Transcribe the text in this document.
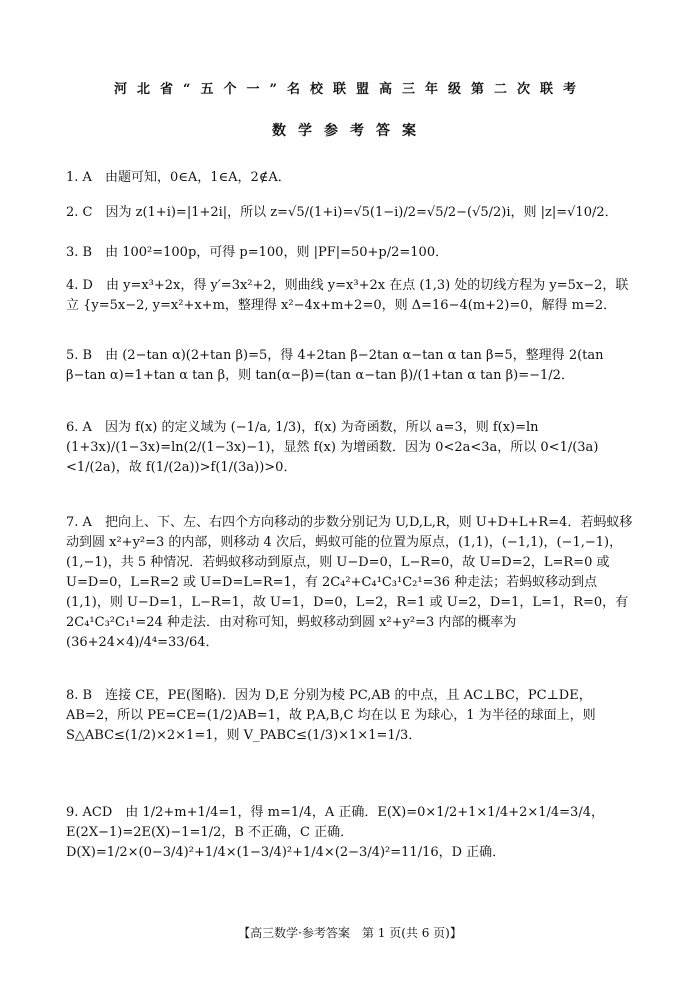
河北省“五个一”名校联盟高三年级第二次联考
数学参考答案
1. A　由题可知，0∈A，1∈A，2∉A．
2. C　因为 z(1+i)=|1+2i|，所以 z=√5/(1+i)=√5(1−i)/2=√5/2−(√5/2)i，则 |z|=√10/2．
3. B　由 100²=100p，可得 p=100，则 |PF|=50+p/2=100．
4. D　由 y=x³+2x，得 y′=3x²+2，则曲线 y=x³+2x 在点 (1,3) 处的切线方程为 y=5x−2，联立 {y=5x−2, y=x²+x+m，整理得 x²−4x+m+2=0，则 Δ=16−4(m+2)=0，解得 m=2．
5. B　由 (2−tan α)(2+tan β)=5，得 4+2tan β−2tan α−tan α tan β=5，整理得 2(tan β−tan α)=1+tan α tan β，则 tan(α−β)=(tan α−tan β)/(1+tan α tan β)=−1/2．
6. A　因为 f(x) 的定义域为 (−1/a, 1/3)，f(x) 为奇函数，所以 a=3，则 f(x)=ln (1+3x)/(1−3x)=ln(2/(1−3x)−1)，显然 f(x) 为增函数．因为 0<2a<3a，所以 0<1/(3a)<1/(2a)，故 f(1/(2a))>f(1/(3a))>0．
7. A　把向上、下、左、右四个方向移动的步数分别记为 U,D,L,R，则 U+D+L+R=4．若蚂蚁移动到圆 x²+y²=3 的内部，则移动 4 次后，蚂蚁可能的位置为原点，(1,1)，(−1,1)，(−1,−1)，(1,−1)，共 5 种情况．若蚂蚁移动到原点，则 U−D=0，L−R=0，故 U=D=2，L=R=0 或 U=D=0，L=R=2 或 U=D=L=R=1，有 2C₄²+C₄¹C₃¹C₂¹=36 种走法；若蚂蚁移动到点 (1,1)，则 U−D=1，L−R=1，故 U=1，D=0，L=2，R=1 或 U=2，D=1，L=1，R=0，有 2C₄¹C₃²C₁¹=24 种走法．由对称可知，蚂蚁移动到圆 x²+y²=3 内部的概率为 (36+24×4)/4⁴=33/64．
8. B　连接 CE，PE(图略)．因为 D,E 分别为棱 PC,AB 的中点，且 AC⊥BC，PC⊥DE，AB=2，所以 PE=CE=(1/2)AB=1，故 P,A,B,C 均在以 E 为球心，1 为半径的球面上，则 S△ABC≤(1/2)×2×1=1，则 V_PABC≤(1/3)×1×1=1/3．
9. ACD　由 1/2+m+1/4=1，得 m=1/4，A 正确．E(X)=0×1/2+1×1/4+2×1/4=3/4，E(2X−1)=2E(X)−1=1/2，B 不正确，C 正确．D(X)=1/2×(0−3/4)²+1/4×(1−3/4)²+1/4×(2−3/4)²=11/16，D 正确．
【高三数学·参考答案　第 1 页(共 6 页)】
